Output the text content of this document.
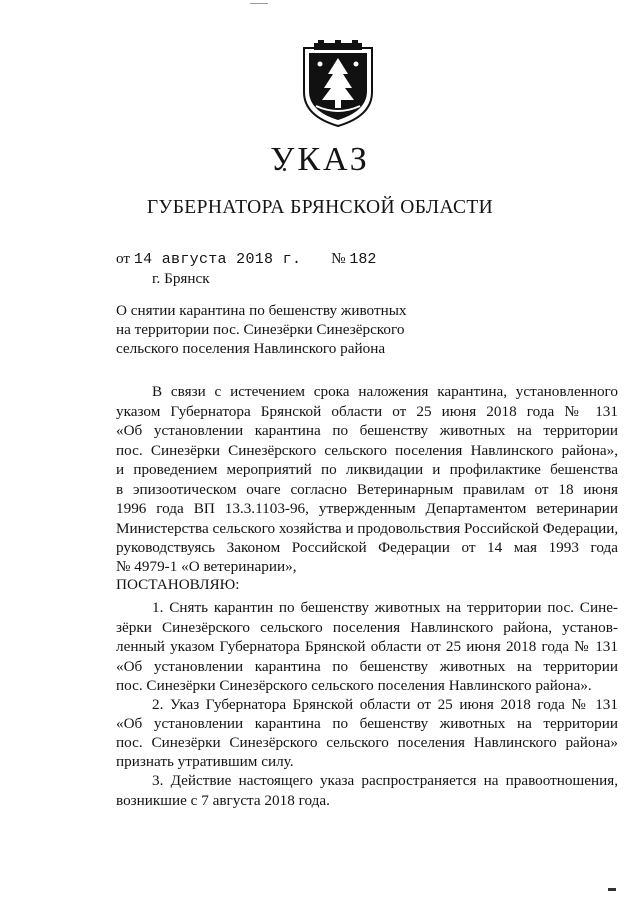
УКАЗ
ГУБЕРНАТОРА БРЯНСКОЙ ОБЛАСТИ
от 14 августа 2018 г. № 182
г. Брянск
О снятии карантина по бешенству животных
на территории пос. Синезёрки Синезёрского
сельского поселения Навлинского района
В связи с истечением срока наложения карантина, установленного
указом Губернатора Брянской области от 25 июня 2018 года № 131
«Об установлении карантина по бешенству животных на территории
пос. Синезёрки Синезёрского сельского поселения Навлинского района»,
и проведением мероприятий по ликвидации и профилактике бешенства
в эпизоотическом очаге согласно Ветеринарным правилам от 18 июня
1996 года ВП 13.3.1103-96, утвержденным Департаментом ветеринарии
Министерства сельского хозяйства и продовольствия Российской Федерации,
руководствуясь Законом Российской Федерации от 14 мая 1993 года
№ 4979-1 «О ветеринарии»,
ПОСТАНОВЛЯЮ:
1. Снять карантин по бешенству животных на территории пос. Сине-
зёрки Синезёрского сельского поселения Навлинского района, установ-
ленный указом Губернатора Брянской области от 25 июня 2018 года № 131
«Об установлении карантина по бешенству животных на территории
пос. Синезёрки Синезёрского сельского поселения Навлинского района».
2. Указ Губернатора Брянской области от 25 июня 2018 года № 131
«Об установлении карантина по бешенству животных на территории
пос. Синезёрки Синезёрского сельского поселения Навлинского района»
признать утратившим силу.
3. Действие настоящего указа распространяется на правоотношения,
возникшие с 7 августа 2018 года.
